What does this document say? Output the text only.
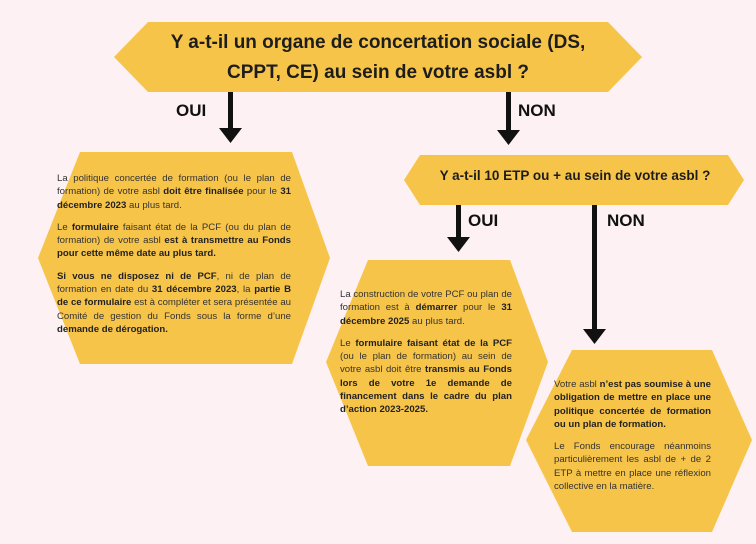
Y a-t-il un organe de concertation sociale (DS,
CPPT, CE) au sein de votre asbl ?
OUI	NON
OUI	NON
Y a-t-il 10 ETP ou + au sein de votre asbl ?

La politique concertée de formation (ou le plan de formation) de votre asbl doit être finalisée pour le 31 décembre 2023 au plus tard.

Le formulaire faisant état de la PCF (ou du plan de formation) de votre asbl est à transmettre au Fonds pour cette même date au plus tard.

Si vous ne disposez ni de PCF, ni de plan de formation en date du 31 décembre 2023, la partie B de ce formulaire est à compléter et sera présentée au Comité de gestion du Fonds sous la forme d’une demande de dérogation.

La construction de votre PCF ou plan de formation est à démarrer pour le 31 décembre 2025 au plus tard.

Le formulaire faisant état de la PCF (ou le plan de formation) au sein de votre asbl doit être transmis au Fonds lors de votre 1e demande de financement dans le cadre du plan d’action 2023-2025.

Votre asbl n’est pas soumise à une obligation de mettre en place une politique concertée de formation ou un plan de formation.

Le Fonds encourage néanmoins particulièrement les asbl de + de 2 ETP à mettre en place une réflexion collective en la matière.
